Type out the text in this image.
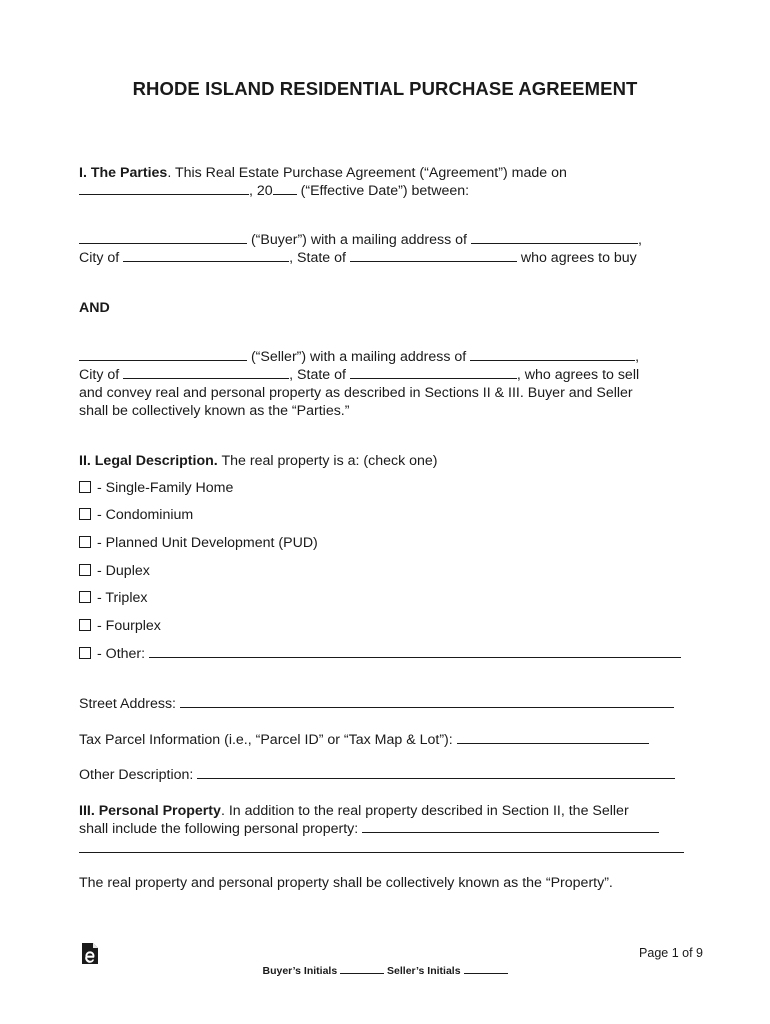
RHODE ISLAND RESIDENTIAL PURCHASE AGREEMENT
I. The Parties. This Real Estate Purchase Agreement (“Agreement”) made on
, 20 (“Effective Date”) between:
(“Buyer”) with a mailing address of	,
City of	, State of	who agrees to buy
AND
(“Seller”) with a mailing address of	,
City of	, State of	, who agrees to sell
and convey real and personal property as described in Sections II & III. Buyer and Seller
shall be collectively known as the “Parties.”
II. Legal Description. The real property is a: (check one)
- Single-Family Home
- Condominium
- Planned Unit Development (PUD)
- Duplex
- Triplex
- Fourplex
- Other:
Street Address:
Tax Parcel Information (i.e., “Parcel ID” or “Tax Map & Lot”):
Other Description:
III. Personal Property. In addition to the real property described in Section II, the Seller
shall include the following personal property:
The real property and personal property shall be collectively known as the “Property”.
Page 1 of 9
Buyer’s Initials	Seller’s Initials
